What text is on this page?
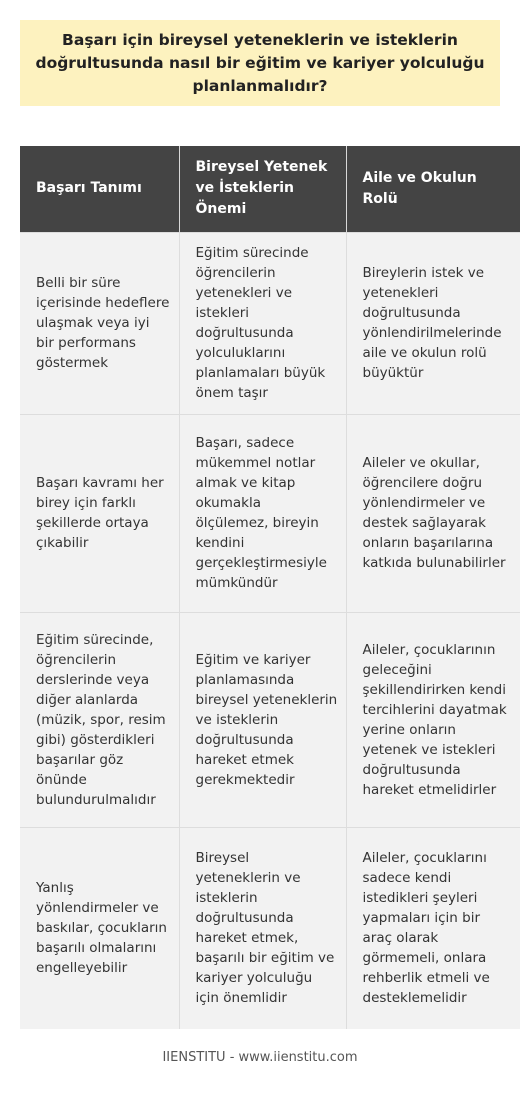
Başarı için bireysel yeteneklerin ve isteklerin doğrultusunda nasıl bir eğitim ve kariyer yolculuğu planlanmalıdır?
Başarı Tanımı	Bireysel Yetenek ve İsteklerin Önemi	Aile ve Okulun Rolü
Belli bir süre içerisinde hedeflere ulaşmak veya iyi bir performans göstermek	Eğitim sürecinde öğrencilerin yetenekleri ve istekleri doğrultusunda yolculuklarını planlamaları büyük önem taşır	Bireylerin istek ve yetenekleri doğrultusunda yönlendirilmelerinde aile ve okulun rolü büyüktür
Başarı kavramı her birey için farklı şekillerde ortaya çıkabilir	Başarı, sadece mükemmel notlar almak ve kitap okumakla ölçülemez, bireyin kendini gerçekleştirmesiyle mümkündür	Aileler ve okullar, öğrencilere doğru yönlendirmeler ve destek sağlayarak onların başarılarına katkıda bulunabilirler
Eğitim sürecinde, öğrencilerin derslerinde veya diğer alanlarda (müzik, spor, resim gibi) gösterdikleri başarılar göz önünde bulundurulmalıdır	Eğitim ve kariyer planlamasında bireysel yeteneklerin ve isteklerin doğrultusunda hareket etmek gerekmektedir	Aileler, çocuklarının geleceğini şekillendirirken kendi tercihlerini dayatmak yerine onların yetenek ve istekleri doğrultusunda hareket etmelidirler
Yanlış yönlendirmeler ve baskılar, çocukların başarılı olmalarını engelleyebilir	Bireysel yeteneklerin ve isteklerin doğrultusunda hareket etmek, başarılı bir eğitim ve kariyer yolculuğu için önemlidir	Aileler, çocuklarını sadece kendi istedikleri şeyleri yapmaları için bir araç olarak görmemeli, onlara rehberlik etmeli ve desteklemelidir
IIENSTITU - www.iienstitu.com
